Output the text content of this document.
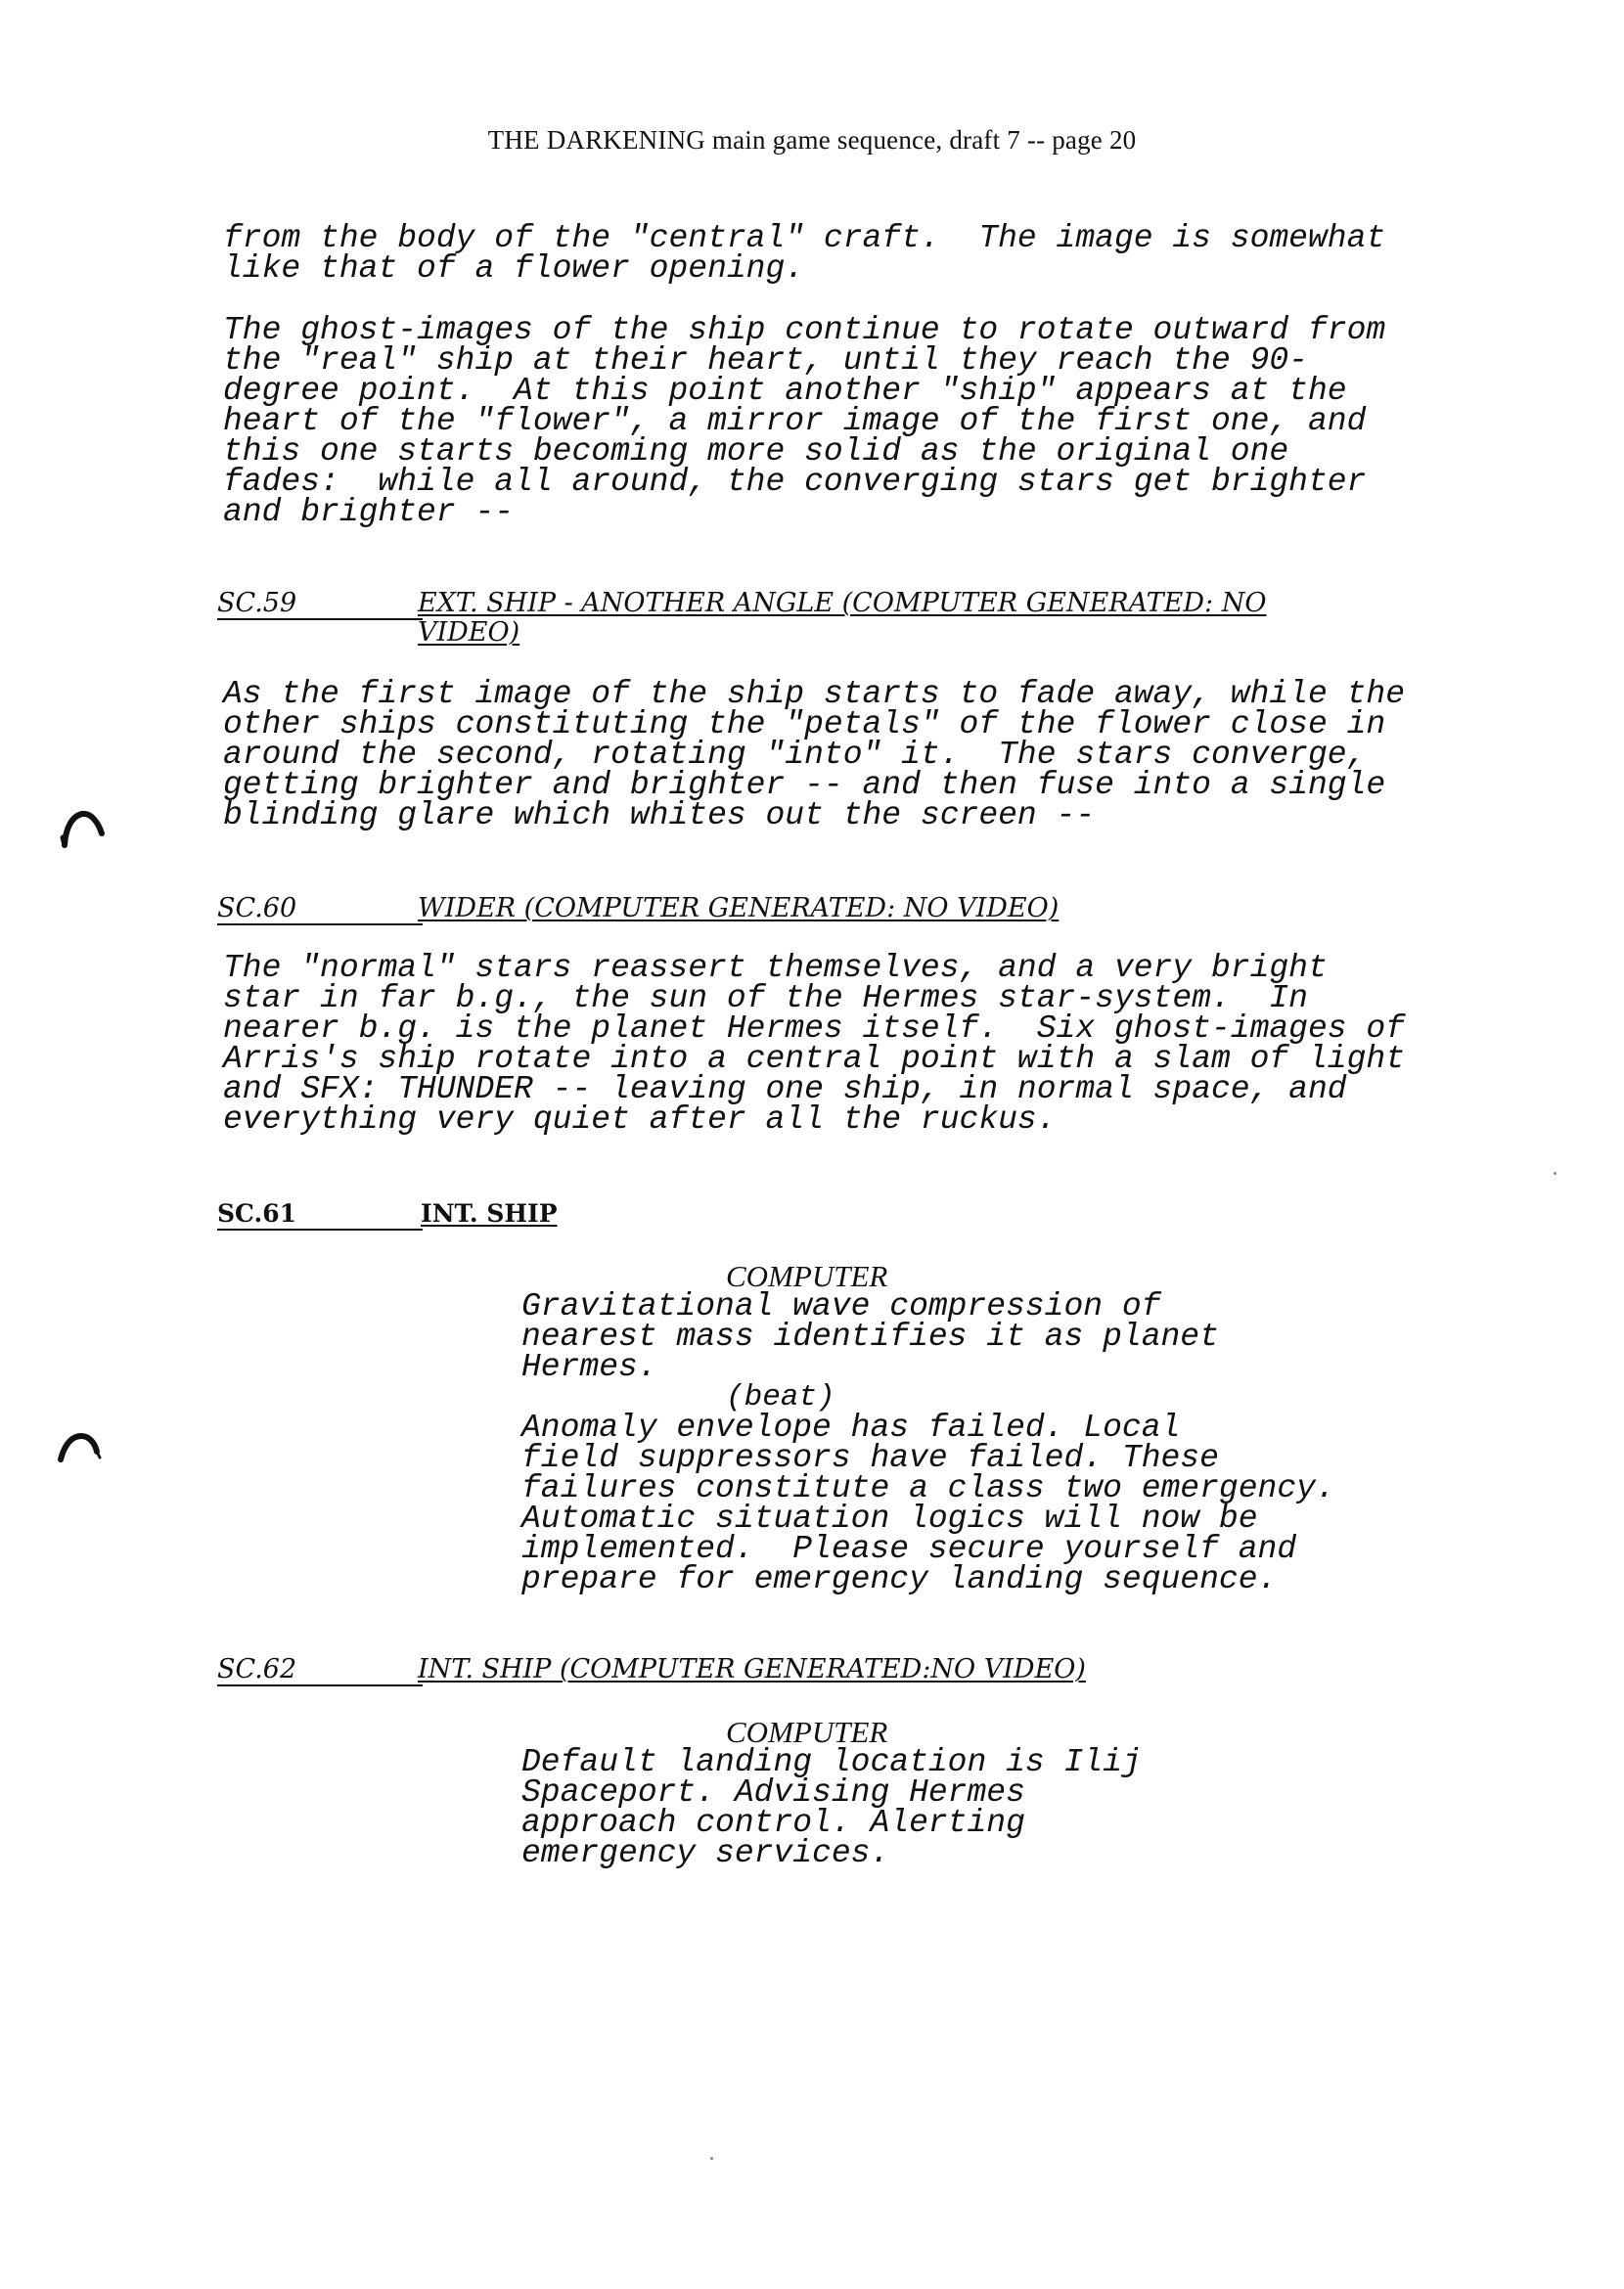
THE DARKENING main game sequence, draft 7 -- page 20
from the body of the "central" craft.  The image is somewhat
like that of a flower opening.
The ghost-images of the ship continue to rotate outward from
the "real" ship at their heart, until they reach the 90-
degree point.  At this point another "ship" appears at the
heart of the "flower", a mirror image of the first one, and
this one starts becoming more solid as the original one
fades:  while all around, the converging stars get brighter
and brighter --
SC.59	EXT. SHIP - ANOTHER ANGLE (COMPUTER GENERATED: NO
VIDEO)
As the first image of the ship starts to fade away, while the
other ships constituting the "petals" of the flower close in
around the second, rotating "into" it.  The stars converge,
getting brighter and brighter -- and then fuse into a single
blinding glare which whites out the screen --
SC.60	WIDER (COMPUTER GENERATED: NO VIDEO)
The "normal" stars reassert themselves, and a very bright
star in far b.g., the sun of the Hermes star-system.  In
nearer b.g. is the planet Hermes itself.  Six ghost-images of
Arris's ship rotate into a central point with a slam of light
and SFX: THUNDER -- leaving one ship, in normal space, and
everything very quiet after all the ruckus.
SC.61	INT. SHIP
COMPUTER
Gravitational wave compression of
nearest mass identifies it as planet
Hermes.
(beat)
Anomaly envelope has failed. Local
field suppressors have failed. These
failures constitute a class two emergency.
Automatic situation logics will now be
implemented.  Please secure yourself and
prepare for emergency landing sequence.
SC.62	INT. SHIP (COMPUTER GENERATED:NO VIDEO)
COMPUTER
Default landing location is Ilij
Spaceport. Advising Hermes
approach control. Alerting
emergency services.
